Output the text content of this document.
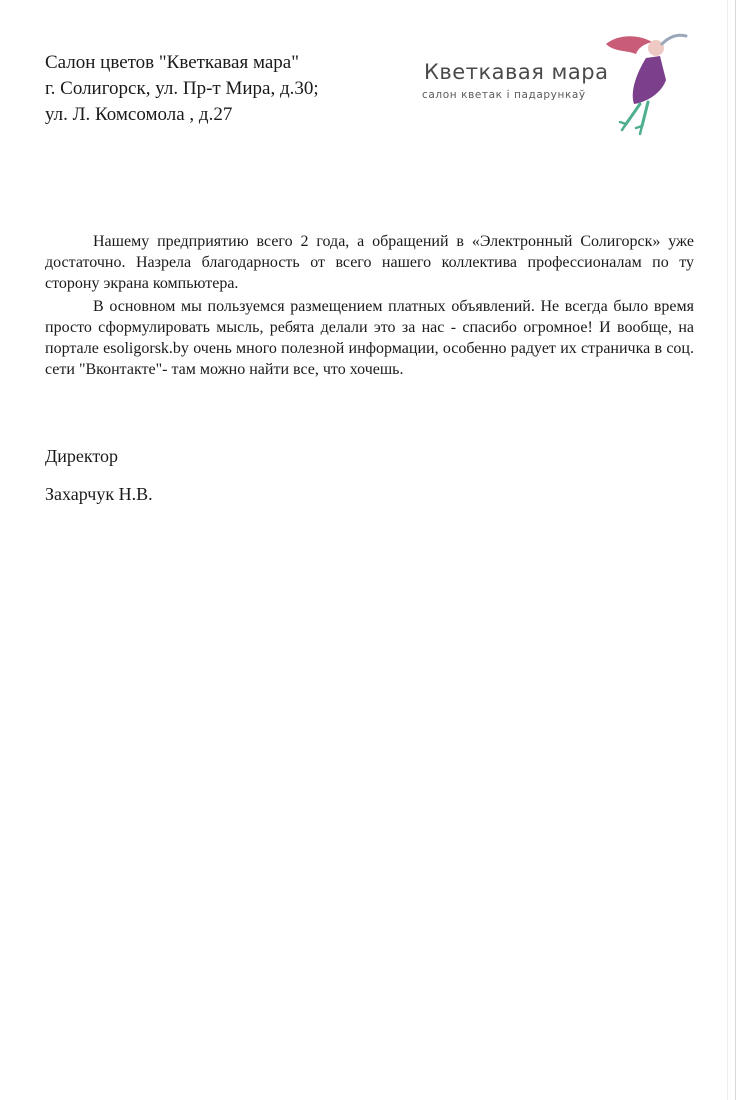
Салон цветов "Кветкавая мара"
г. Солигорск, ул. Пр-т Мира, д.30;
ул. Л. Комсомола , д.27
Кветкавая мара
салон кветак і падарункаў

Нашему предприятию всего 2 года, а обращений в «Электронный Солигорск» уже достаточно. Назрела благодарность от всего нашего коллектива профессионалам по ту сторону экрана компьютера.

В основном мы пользуемся размещением платных объявлений. Не всегда было время просто сформулировать мысль, ребята делали это за нас - спасибо огромное! И вообще, на портале esoligorsk.by очень много полезной информации, особенно радует их страничка в соц. сети "Вконтакте"- там можно найти все, что хочешь.

Директор
Захарчук Н.В.
